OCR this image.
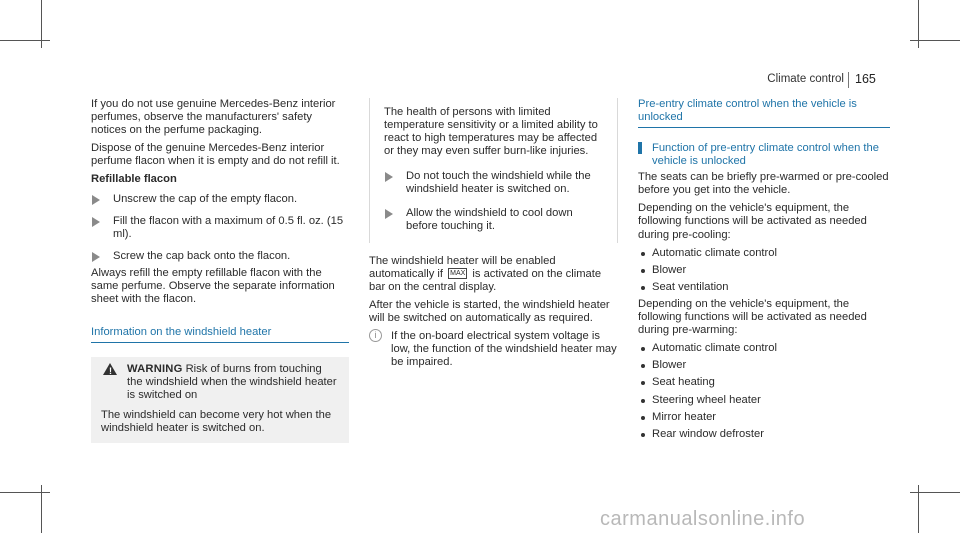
Climate control 165

If you do not use genuine Mercedes-Benz interior perfumes, observe the manufacturers' safety notices on the perfume packaging.

Dispose of the genuine Mercedes-Benz interior perfume flacon when it is empty and do not refill it.

Refillable flacon
Unscrew the cap of the empty flacon.
Fill the flacon with a maximum of 0.5 fl. oz. (15 ml).
Screw the cap back onto the flacon.

Always refill the empty refillable flacon with the same perfume. Observe the separate information sheet with the flacon.

Information on the windshield heater
! WARNING Risk of burns from touching the windshield when the windshield heater is switched on
The windshield can become very hot when the windshield heater is switched on.

The health of persons with limited temperature sensitivity or a limited ability to react to high temperatures may be affected or they may even suffer burn-like injuries.

Do not touch the windshield while the windshield heater is switched on.
Allow the windshield to cool down before touching it.

The windshield heater will be enabled automatically if MAX is activated on the climate bar on the central display.

After the vehicle is started, the windshield heater will be switched on automatically as required.

i	If the on-board electrical system voltage is low, the function of the windshield heater may be impaired.
Pre-entry climate control when the vehicle is unlocked
Function of pre-entry climate control when the vehicle is unlocked

The seats can be briefly pre-warmed or pre-cooled before you get into the vehicle.

Depending on the vehicle's equipment, the following functions will be activated as needed during pre-cooling:

Automatic climate control
Blower
Seat ventilation

Depending on the vehicle's equipment, the following functions will be activated as needed during pre-warming:

Automatic climate control
Blower
Seat heating
Steering wheel heater
Mirror heater
Rear window defroster
carmanualsonline.info
